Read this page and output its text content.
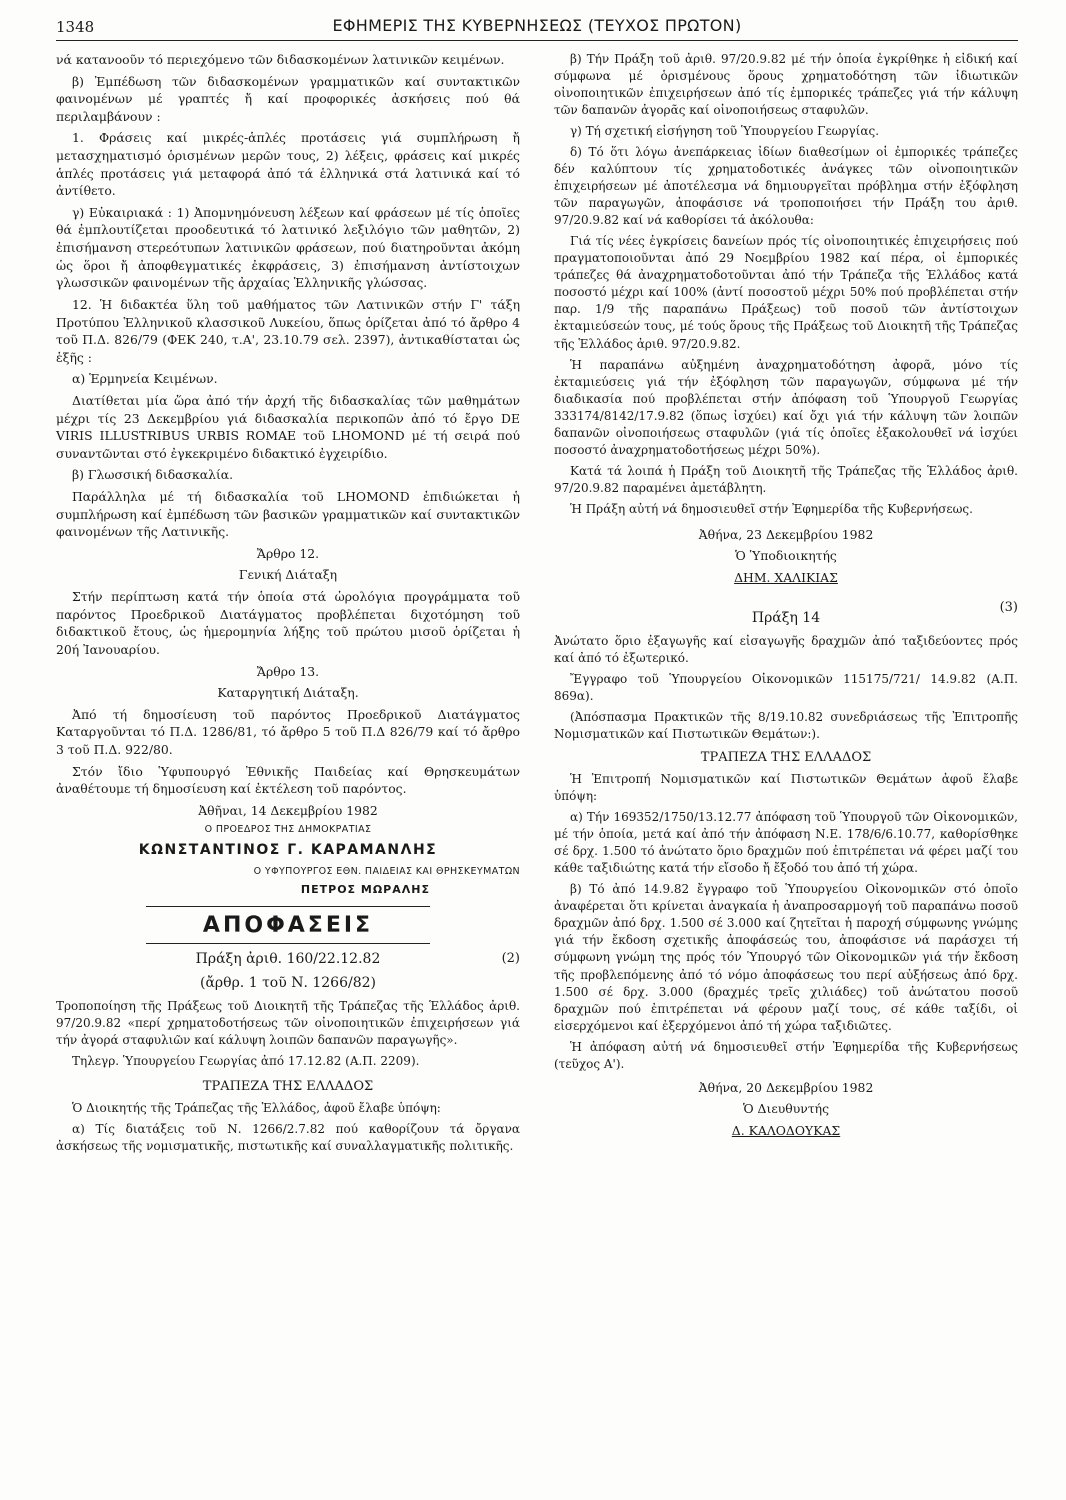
1348	ΕΦΗΜΕΡΙΣ ΤΗΣ ΚΥΒΕΡΝΗΣΕΩΣ (ΤΕΥΧΟΣ ΠΡΩΤΟΝ)

νά κατανοοῦν τό περιεχόμενο τῶν διδασκομένων λατινικῶν κειμένων.

β) Ἐμπέδωση τῶν διδασκομένων γραμματικῶν καί συντακτικῶν φαινομένων μέ γραπτές ἤ καί προφορικές ἀσκήσεις πού θά περιλαμβάνουν :

1. Φράσεις καί μικρές-ἁπλές προτάσεις γιά συμπλήρωση ἤ μετασχηματισμό ὁρισμένων μερῶν τους, 2) λέξεις, φράσεις καί μικρές ἁπλές προτάσεις γιά μεταφορά ἀπό τά ἑλληνικά στά λατινικά καί τό ἀντίθετο.

γ) Εὐκαιριακά : 1) Ἀπομνημόνευση λέξεων καί φράσεων μέ τίς ὁποῖες θά ἐμπλουτίζεται προοδευτικά τό λατινικό λεξιλόγιο τῶν μαθητῶν, 2) ἐπισήμανση στερεότυπων λατινικῶν φράσεων, πού διατηροῦνται ἀκόμη ὡς ὅροι ἤ ἀποφθεγματικές ἐκφράσεις, 3) ἐπισήμανση ἀντίστοιχων γλωσσικῶν φαινομένων τῆς ἀρχαίας Ἑλληνικῆς γλώσσας.

12. Ἡ διδακτέα ὕλη τοῦ μαθήματος τῶν Λατινικῶν στήν Γ' τάξη Προτύπου Ἑλληνικοῦ κλασσικοῦ Λυκείου, ὅπως ὁρίζεται ἀπό τό ἄρθρο 4 τοῦ Π.Δ. 826/79 (ΦΕΚ 240, τ.Α', 23.10.79 σελ. 2397), ἀντικαθίσταται ὡς ἑξῆς :

α) Ἑρμηνεία Κειμένων.

Διατίθεται μία ὥρα ἀπό τήν ἀρχή τῆς διδασκαλίας τῶν μαθημάτων μέχρι τίς 23 Δεκεμβρίου γιά διδασκαλία περικοπῶν ἀπό τό ἔργο DE VIRIS ILLUSTRIBUS URBIS ROMAE τοῦ LHOMOND μέ τή σειρά πού συναντῶνται στό ἐγκεκριμένο διδακτικό ἐγχειρίδιο.

β) Γλωσσική διδασκαλία.

Παράλληλα μέ τή διδασκαλία τοῦ LHOMOND ἐπιδιώκεται ἡ συμπλήρωση καί ἐμπέδωση τῶν βασικῶν γραμματικῶν καί συντακτικῶν φαινομένων τῆς Λατινικῆς.

Ἄρθρο 12.

Γενική Διάταξη

Στήν περίπτωση κατά τήν ὁποία στά ὡρολόγια προγράμματα τοῦ παρόντος Προεδρικοῦ Διατάγματος προβλέπεται διχοτόμηση τοῦ διδακτικοῦ ἔτους, ὡς ἡμερομηνία λήξης τοῦ πρώτου μισοῦ ὁρίζεται ἡ 20ή Ἰανουαρίου.

Ἄρθρο 13.

Καταργητική Διάταξη.

Ἀπό τή δημοσίευση τοῦ παρόντος Προεδρικοῦ Διατάγματος Καταργοῦνται τό Π.Δ. 1286/81, τό ἄρθρο 5 τοῦ Π.Δ 826/79 καί τό ἄρθρο 3 τοῦ Π.Δ. 922/80.

Στόν ἴδιο Ὑφυπουργό Ἐθνικῆς Παιδείας καί Θρησκευμάτων ἀναθέτουμε τή δημοσίευση καί ἐκτέλεση τοῦ παρόντος.

Ἀθῆναι, 14 Δεκεμβρίου 1982

Ο ΠΡΟΕΔΡΟΣ ΤΗΣ ΔΗΜΟΚΡΑΤΙΑΣ

ΚΩΝΣΤΑΝΤΙΝΟΣ Γ. ΚΑΡΑΜΑΝΛΗΣ

Ο ΥΦΥΠΟΥΡΓΟΣ ΕΘΝ. ΠΑΙΔΕΙΑΣ ΚΑΙ ΘΡΗΣΚΕΥΜΑΤΩΝ

ΠΕΤΡΟΣ ΜΩΡΑΛΗΣ

ΑΠΟΦΑΣΕΙΣ

Πράξη ἀριθ. 160/22.12.82	(2)

(ἄρθρ. 1 τοῦ Ν. 1266/82)

Τροποποίηση τῆς Πράξεως τοῦ Διοικητῆ τῆς Τράπεζας τῆς Ἑλλάδος ἀριθ. 97/20.9.82 «περί χρηματοδοτήσεως τῶν οἰνοποιητικῶν ἐπιχειρήσεων γιά τήν ἀγορά σταφυλιῶν καί κάλυψη λοιπῶν δαπανῶν παραγωγῆς».

Τηλεγρ. Ὑπουργείου Γεωργίας ἀπό 17.12.82 (Α.Π. 2209).

ΤΡΑΠΕΖΑ ΤΗΣ ΕΛΛΑΔΟΣ

Ὁ Διοικητής τῆς Τράπεζας τῆς Ἑλλάδος, ἀφοῦ ἔλαβε ὑπόψη:

α) Τίς διατάξεις τοῦ Ν. 1266/2.7.82 πού καθορίζουν τά ὄργανα ἀσκήσεως τῆς νομισματικῆς, πιστωτικῆς καί συναλλαγματικῆς πολιτικῆς.

β) Τήν Πράξη τοῦ ἀριθ. 97/20.9.82 μέ τήν ὁποία ἐγκρίθηκε ἡ εἰδική καί σύμφωνα μέ ὁρισμένους ὅρους χρηματοδότηση τῶν ἰδιωτικῶν οἰνοποιητικῶν ἐπιχειρήσεων ἀπό τίς ἐμπορικές τράπεζες γιά τήν κάλυψη τῶν δαπανῶν ἀγορᾶς καί οἰνοποιήσεως σταφυλῶν.

γ) Τή σχετική εἰσήγηση τοῦ Ὑπουργείου Γεωργίας.

δ) Τό ὅτι λόγω ἀνεπάρκειας ἰδίων διαθεσίμων οἱ ἐμπορικές τράπεζες δέν καλύπτουν τίς χρηματοδοτικές ἀνάγκες τῶν οἰνοποιητικῶν ἐπιχειρήσεων μέ ἀποτέλεσμα νά δημιουργεῖται πρόβλημα στήν ἐξόφληση τῶν παραγωγῶν, ἀποφάσισε νά τροποποιήσει τήν Πράξη του ἀριθ. 97/20.9.82 καί νά καθορίσει τά ἀκόλουθα:

Γιά τίς νέες ἐγκρίσεις δανείων πρός τίς οἰνοποιητικές ἐπιχειρήσεις πού πραγματοποιοῦνται ἀπό 29 Νοεμβρίου 1982 καί πέρα, οἱ ἐμπορικές τράπεζες θά ἀναχρηματοδοτοῦνται ἀπό τήν Τράπεζα τῆς Ἑλλάδος κατά ποσοστό μέχρι καί 100% (ἀντί ποσοστοῦ μέχρι 50% πού προβλέπεται στήν παρ. 1/9 τῆς παραπάνω Πράξεως) τοῦ ποσοῦ τῶν ἀντίστοιχων ἐκταμιεύσεών τους, μέ τούς ὅρους τῆς Πράξεως τοῦ Διοικητῆ τῆς Τράπεζας τῆς Ἑλλάδος ἀριθ. 97/20.9.82.

Ἡ παραπάνω αὐξημένη ἀναχρηματοδότηση ἀφορᾶ, μόνο τίς ἐκταμιεύσεις γιά τήν ἐξόφληση τῶν παραγωγῶν, σύμφωνα μέ τήν διαδικασία πού προβλέπεται στήν ἀπόφαση τοῦ Ὑπουργοῦ Γεωργίας 333174/8142/17.9.82 (ὅπως ἰσχύει) καί ὄχι γιά τήν κάλυψη τῶν λοιπῶν δαπανῶν οἰνοποιήσεως σταφυλῶν (γιά τίς ὁποῖες ἐξακολουθεῖ νά ἰσχύει ποσοστό ἀναχρηματοδοτήσεως μέχρι 50%).

Κατά τά λοιπά ἡ Πράξη τοῦ Διοικητῆ τῆς Τράπεζας τῆς Ἑλλάδος ἀριθ. 97/20.9.82 παραμένει ἀμετάβλητη.

Ἡ Πράξη αὐτή νά δημοσιευθεῖ στήν Ἐφημερίδα τῆς Κυβερνήσεως.

Ἀθήνα, 23 Δεκεμβρίου 1982

Ὁ Ὑποδιοικητής

ΔΗΜ. ΧΑΛΙΚΙΑΣ

Πράξη 14

(3)

Ἀνώτατο ὅριο ἐξαγωγῆς καί εἰσαγωγῆς δραχμῶν ἀπό ταξιδεύοντες πρός καί ἀπό τό ἐξωτερικό.

Ἔγγραφο τοῦ Ὑπουργείου Οἰκονομικῶν 115175/721/ 14.9.82 (Α.Π. 869α).

(Ἀπόσπασμα Πρακτικῶν τῆς 8/19.10.82 συνεδριάσεως τῆς Ἐπιτροπῆς Νομισματικῶν καί Πιστωτικῶν Θεμάτων:).

ΤΡΑΠΕΖΑ ΤΗΣ ΕΛΛΑΔΟΣ

Ἡ Ἐπιτροπή Νομισματικῶν καί Πιστωτικῶν Θεμάτων ἀφοῦ ἔλαβε ὑπόψη:

α) Τήν 169352/1750/13.12.77 ἀπόφαση τοῦ Ὑπουργοῦ τῶν Οἰκονομικῶν, μέ τήν ὁποία, μετά καί ἀπό τήν ἀπόφαση Ν.Ε. 178/6/6.10.77, καθορίσθηκε σέ δρχ. 1.500 τό ἀνώτατο ὅριο δραχμῶν πού ἐπιτρέπεται νά φέρει μαζί του κάθε ταξιδιώτης κατά τήν εἴσοδο ἤ ἔξοδό του ἀπό τή χώρα.

β) Τό ἀπό 14.9.82 ἔγγραφο τοῦ Ὑπουργείου Οἰκονομικῶν στό ὁποῖο ἀναφέρεται ὅτι κρίνεται ἀναγκαία ἡ ἀναπροσαρμογή τοῦ παραπάνω ποσοῦ δραχμῶν ἀπό δρχ. 1.500 σέ 3.000 καί ζητεῖται ἡ παροχή σύμφωνης γνώμης γιά τήν ἔκδοση σχετικῆς ἀποφάσεώς του, ἀποφάσισε νά παράσχει τή σύμφωνη γνώμη της πρός τόν Ὑπουργό τῶν Οἰκονομικῶν γιά τήν ἔκδοση τῆς προβλεπόμενης ἀπό τό νόμο ἀποφάσεως του περί αὐξήσεως ἀπό δρχ. 1.500 σέ δρχ. 3.000 (δραχμές τρεῖς χιλιάδες) τοῦ ἀνώτατου ποσοῦ δραχμῶν πού ἐπιτρέπεται νά φέρουν μαζί τους, σέ κάθε ταξίδι, οἱ εἰσερχόμενοι καί ἐξερχόμενοι ἀπό τή χώρα ταξιδιῶτες.

Ἡ ἀπόφαση αὐτή νά δημοσιευθεῖ στήν Ἐφημερίδα τῆς Κυβερνήσεως (τεῦχος Α').

Ἀθήνα, 20 Δεκεμβρίου 1982

Ὁ Διευθυντής

Δ. ΚΑΛΟΔΟΥΚΑΣ
